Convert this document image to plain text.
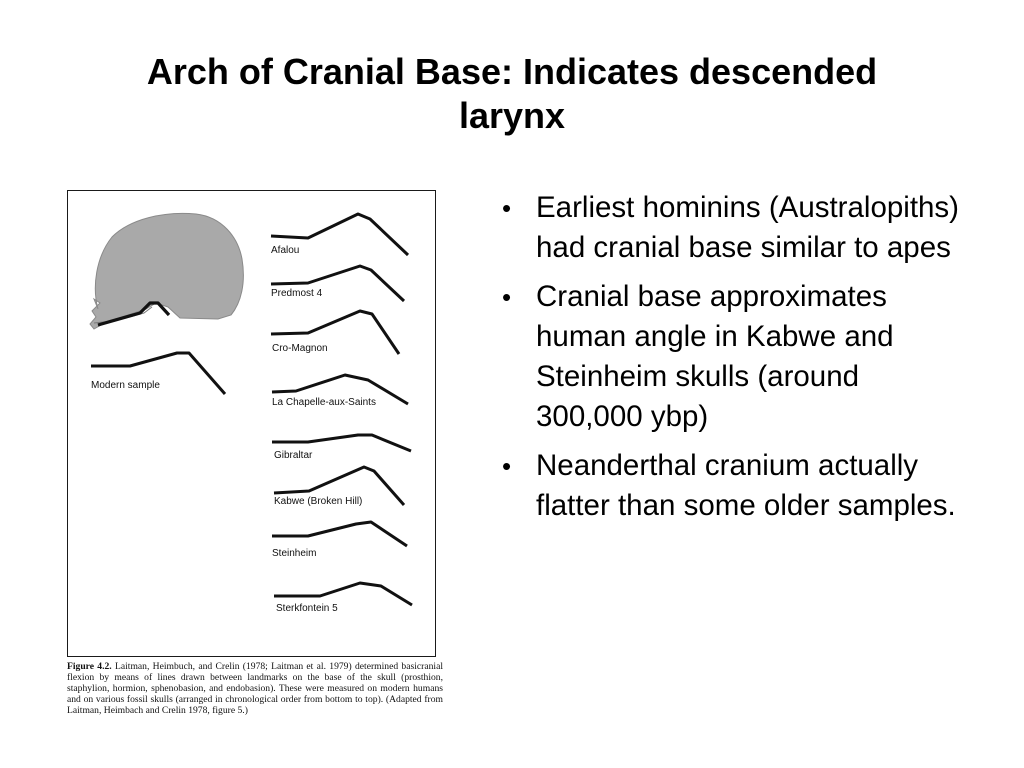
Arch of Cranial Base: Indicates descended
larynx
Modern sample
Afalou
Predmost 4
Cro-Magnon
La Chapelle-aux-Saints
Gibraltar
Kabwe (Broken Hill)
Steinheim
Sterkfontein 5
Figure 4.2. Laitman, Heimbuch, and Crelin (1978; Laitman et al. 1979) determined basicranial flexion by means of lines drawn between landmarks on the base of the skull (prosthion, staphylion, hormion, sphenobasion, and endobasion). These were measured on modern humans and on various fossil skulls (arranged in chronological order from bottom to top). (Adapted from Laitman, Heimbach and Crelin 1978, figure 5.)
• Earliest hominins (Australopiths) had cranial base similar to apes
• Cranial base approximates human angle in Kabwe and Steinheim skulls (around 300,000 ybp)
• Neanderthal cranium actually flatter than some older samples.
